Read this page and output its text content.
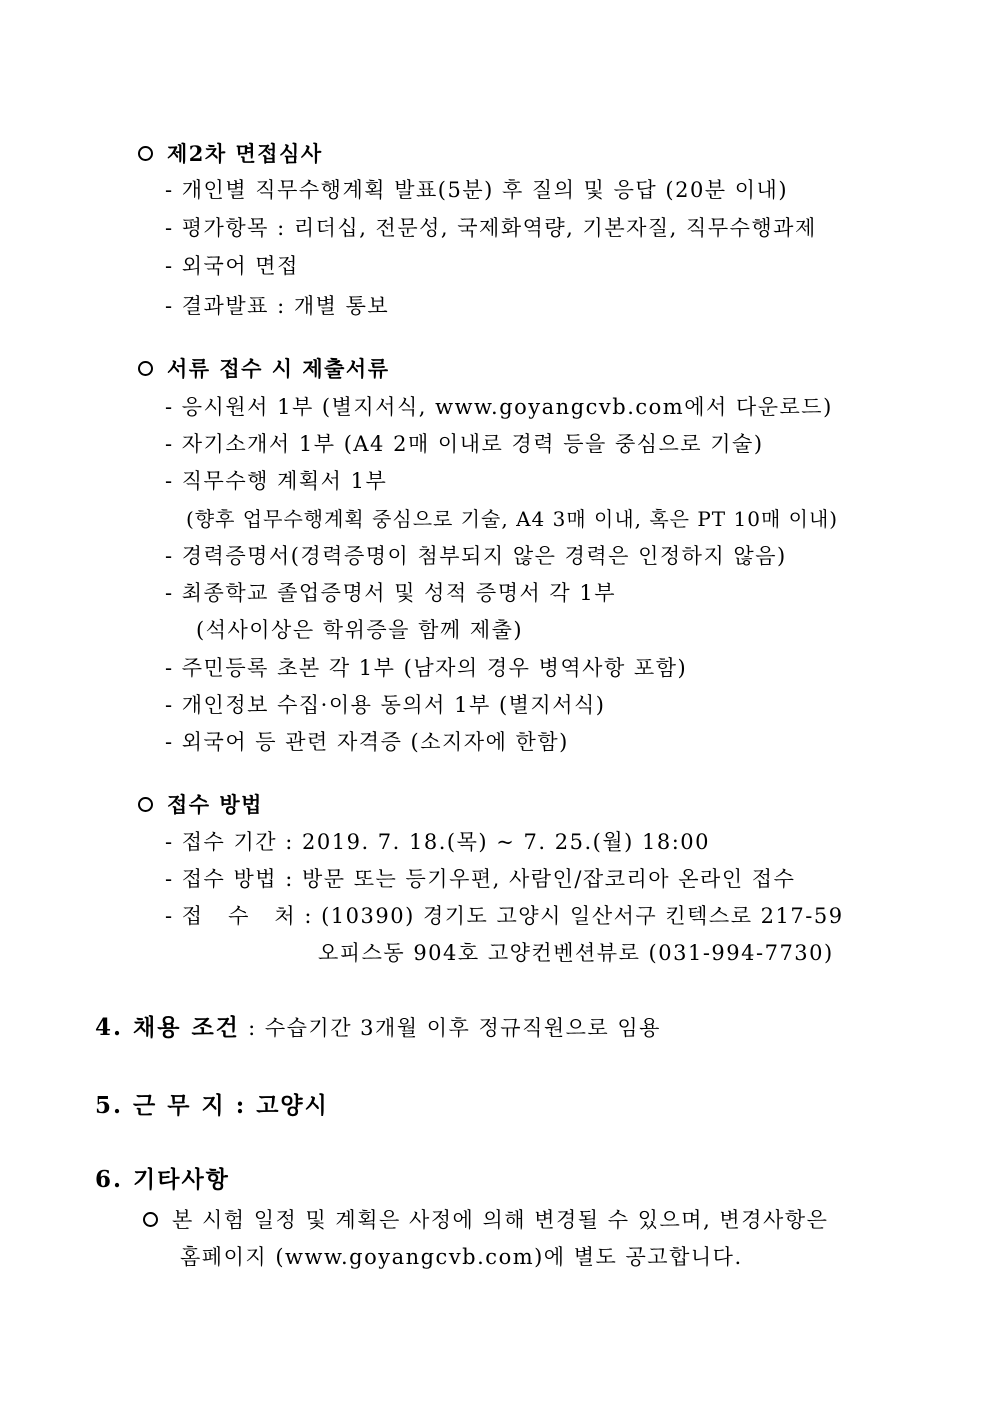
제2차 면접심사
- 개인별 직무수행계획 발표(5분) 후 질의 및 응답 (20분 이내)
- 평가항목 : 리더십, 전문성, 국제화역량, 기본자질, 직무수행과제
- 외국어 면접
- 결과발표 : 개별 통보
서류 접수 시 제출서류
- 응시원서 1부 (별지서식, www.goyangcvb.com에서 다운로드)
- 자기소개서 1부 (A4 2매 이내로 경력 등을 중심으로 기술)
- 직무수행 계획서 1부
(향후 업무수행계획 중심으로 기술, A4 3매 이내, 혹은 PT 10매 이내)
- 경력증명서(경력증명이 첨부되지 않은 경력은 인정하지 않음)
- 최종학교 졸업증명서 및 성적 증명서 각 1부
(석사이상은 학위증을 함께 제출)
- 주민등록 초본 각 1부 (남자의 경우 병역사항 포함)
- 개인정보 수집·이용 동의서 1부 (별지서식)
- 외국어 등 관련 자격증 (소지자에 한함)
접수 방법
- 접수 기간 : 2019. 7. 18.(목) ~ 7. 25.(월) 18:00
- 접수 방법 : 방문 또는 등기우편, 사람인/잡코리아 온라인 접수
- 접   수   처 : (10390) 경기도 고양시 일산서구 킨텍스로 217-59
오피스동 904호 고양컨벤션뷰로 (031-994-7730)
4. 채용 조건 : 수습기간 3개월 이후 정규직원으로 임용
5. 근 무 지 : 고양시
6. 기타사항
본 시험 일정 및 계획은 사정에 의해 변경될 수 있으며, 변경사항은
홈페이지 (www.goyangcvb.com)에 별도 공고합니다.
